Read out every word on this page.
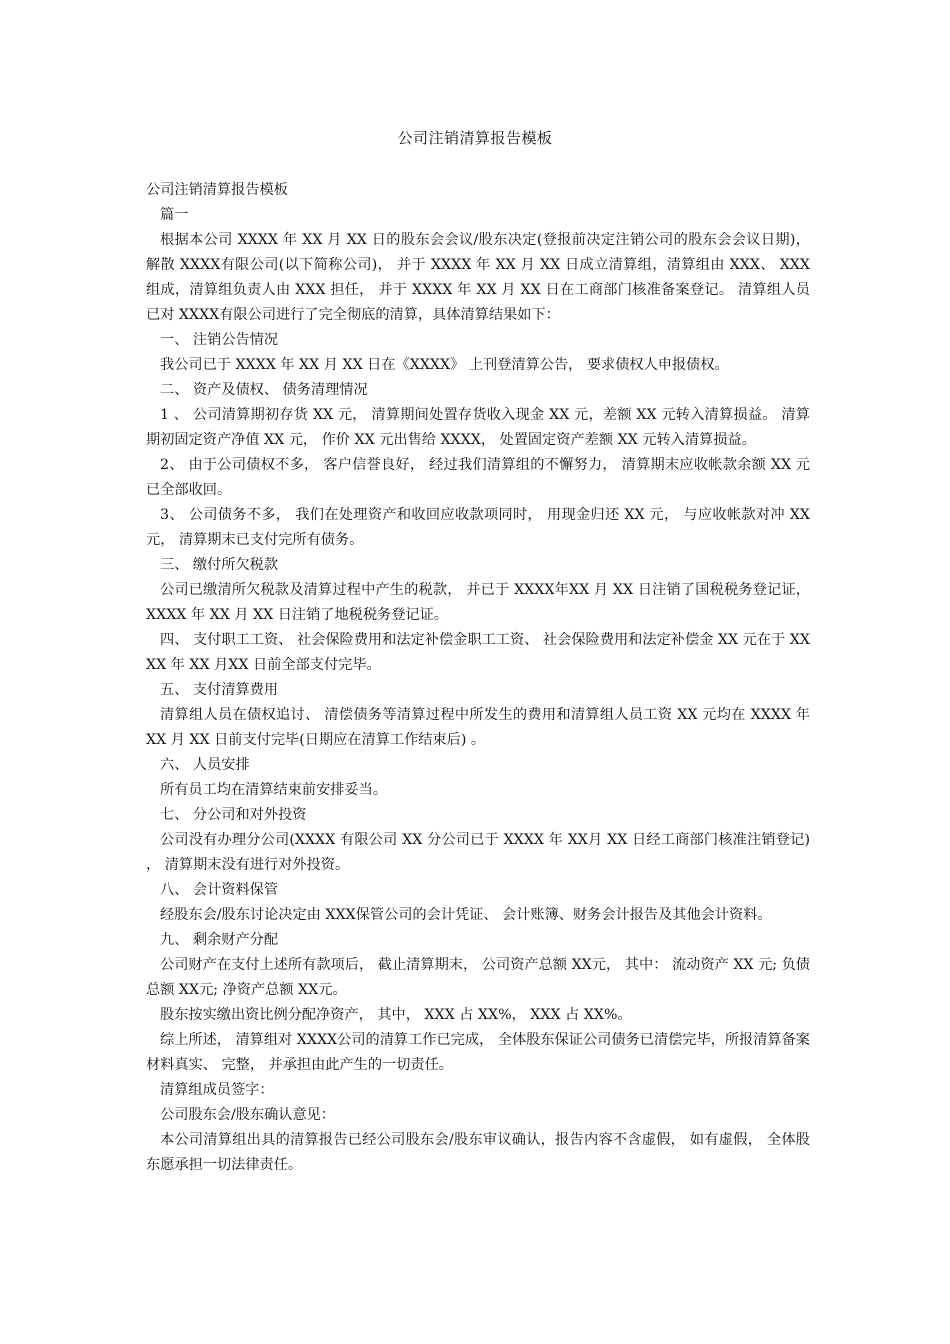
公司注销清算报告模板

公司注销清算报告模板

篇一

根据本公司 XXXX 年 XX 月 XX 日的股东会会议/股东决定(登报前决定注销公司的股东会会议日期)， 解散 XXXX有限公司(以下简称公司)， 并于 XXXX 年 XX 月 XX 日成立清算组，清算组由 XXX、 XXX 组成，清算组负责人由 XXX 担任， 并于 XXXX 年 XX 月 XX 日在工商部门核准备案登记。 清算组人员已对 XXXX有限公司进行了完全彻底的清算，具体清算结果如下：

一、 注销公告情况

我公司已于 XXXX 年 XX 月 XX 日在《XXXX》 上刊登清算公告， 要求债权人申报债权。

二、 资产及债权、 债务清理情况

1 、 公司清算期初存货 XX 元， 清算期间处置存货收入现金 XX 元，差额 XX 元转入清算损益。 清算期初固定资产净值 XX 元， 作价 XX 元出售给 XXXX， 处置固定资产差额 XX 元转入清算损益。

2、 由于公司债权不多， 客户信誉良好， 经过我们清算组的不懈努力， 清算期末应收帐款余额 XX 元已全部收回。

3、 公司债务不多， 我们在处理资产和收回应收款项同时， 用现金归还 XX 元， 与应收帐款对冲 XX 元， 清算期末已支付完所有债务。

三、 缴付所欠税款

公司已缴清所欠税款及清算过程中产生的税款， 并已于 XXXX年XX 月 XX 日注销了国税税务登记证， XXXX 年 XX 月 XX 日注销了地税税务登记证。

四、 支付职工工资、 社会保险费用和法定补偿金职工工资、 社会保险费用和法定补偿金 XX 元在于 XXXX 年 XX 月XX 日前全部支付完毕。

五、 支付清算费用

清算组人员在债权追讨、 清偿债务等清算过程中所发生的费用和清算组人员工资 XX 元均在 XXXX 年 XX 月 XX 日前支付完毕(日期应在清算工作结束后) 。

六、 人员安排

所有员工均在清算结束前安排妥当。

七、 分公司和对外投资

公司没有办理分公司(XXXX 有限公司 XX 分公司已于 XXXX 年 XX月 XX 日经工商部门核准注销登记) ， 清算期末没有进行对外投资。

八、 会计资料保管

经股东会/股东讨论决定由 XXX保管公司的会计凭证、 会计账簿、财务会计报告及其他会计资料。

九、 剩余财产分配

公司财产在支付上述所有款项后， 截止清算期末， 公司资产总额 XX元， 其中： 流动资产 XX 元; 负债总额 XX元; 净资产总额 XX元。

股东按实缴出资比例分配净资产， 其中， XXX 占 XX%， XXX 占 XX%。

综上所述， 清算组对 XXXX公司的清算工作已完成， 全体股东保证公司债务已清偿完毕，所报清算备案材料真实、 完整， 并承担由此产生的一切责任。

清算组成员签字：

公司股东会/股东确认意见：

本公司清算组出具的清算报告已经公司股东会/股东审议确认，报告内容不含虚假， 如有虚假， 全体股东愿承担一切法律责任。
